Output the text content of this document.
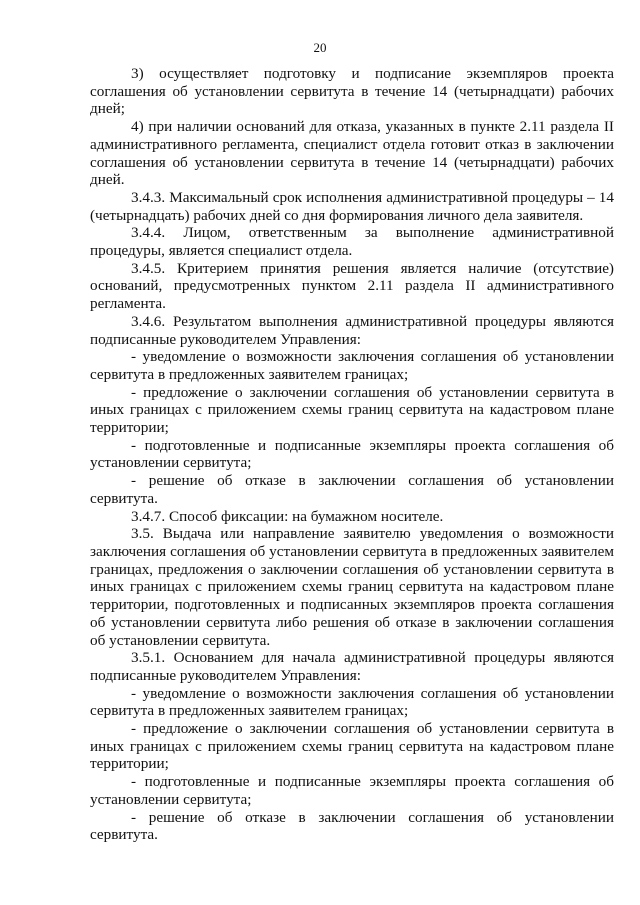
20

3) осуществляет подготовку и подписание экземпляров проекта соглашения об установлении сервитута в течение 14 (четырнадцати) рабочих дней;

4) при наличии оснований для отказа, указанных в пункте 2.11 раздела II административного регламента, специалист отдела готовит отказ в заключении соглашения об установлении сервитута в течение 14 (четырнадцати) рабочих дней.

3.4.3. Максимальный срок исполнения административной процедуры – 14 (четырнадцать) рабочих дней со дня формирования личного дела заявителя.

3.4.4. Лицом, ответственным за выполнение административной процедуры, является специалист отдела.

3.4.5. Критерием принятия решения является наличие (отсутствие) оснований, предусмотренных пунктом 2.11 раздела II административного регламента.

3.4.6. Результатом выполнения административной процедуры являются подписанные руководителем Управления:

- уведомление о возможности заключения соглашения об установлении сервитута в предложенных заявителем границах;

- предложение о заключении соглашения об установлении сервитута в иных границах с приложением схемы границ сервитута на кадастровом плане территории;

- подготовленные и подписанные экземпляры проекта соглашения об установлении сервитута;

- решение об отказе в заключении соглашения об установлении сервитута.

3.4.7. Способ фиксации: на бумажном носителе.

3.5. Выдача или направление заявителю уведомления о возможности заключения соглашения об установлении сервитута в предложенных заявителем границах, предложения о заключении соглашения об установлении сервитута в иных границах с приложением схемы границ сервитута на кадастровом плане территории, подготовленных и подписанных экземпляров проекта соглашения об установлении сервитута либо решения об отказе в заключении соглашения об установлении сервитута.

3.5.1. Основанием для начала административной процедуры являются подписанные руководителем Управления:

- уведомление о возможности заключения соглашения об установлении сервитута в предложенных заявителем границах;

- предложение о заключении соглашения об установлении сервитута в иных границах с приложением схемы границ сервитута на кадастровом плане территории;

- подготовленные и подписанные экземпляры проекта соглашения об установлении сервитута;

- решение об отказе в заключении соглашения об установлении сервитута.
